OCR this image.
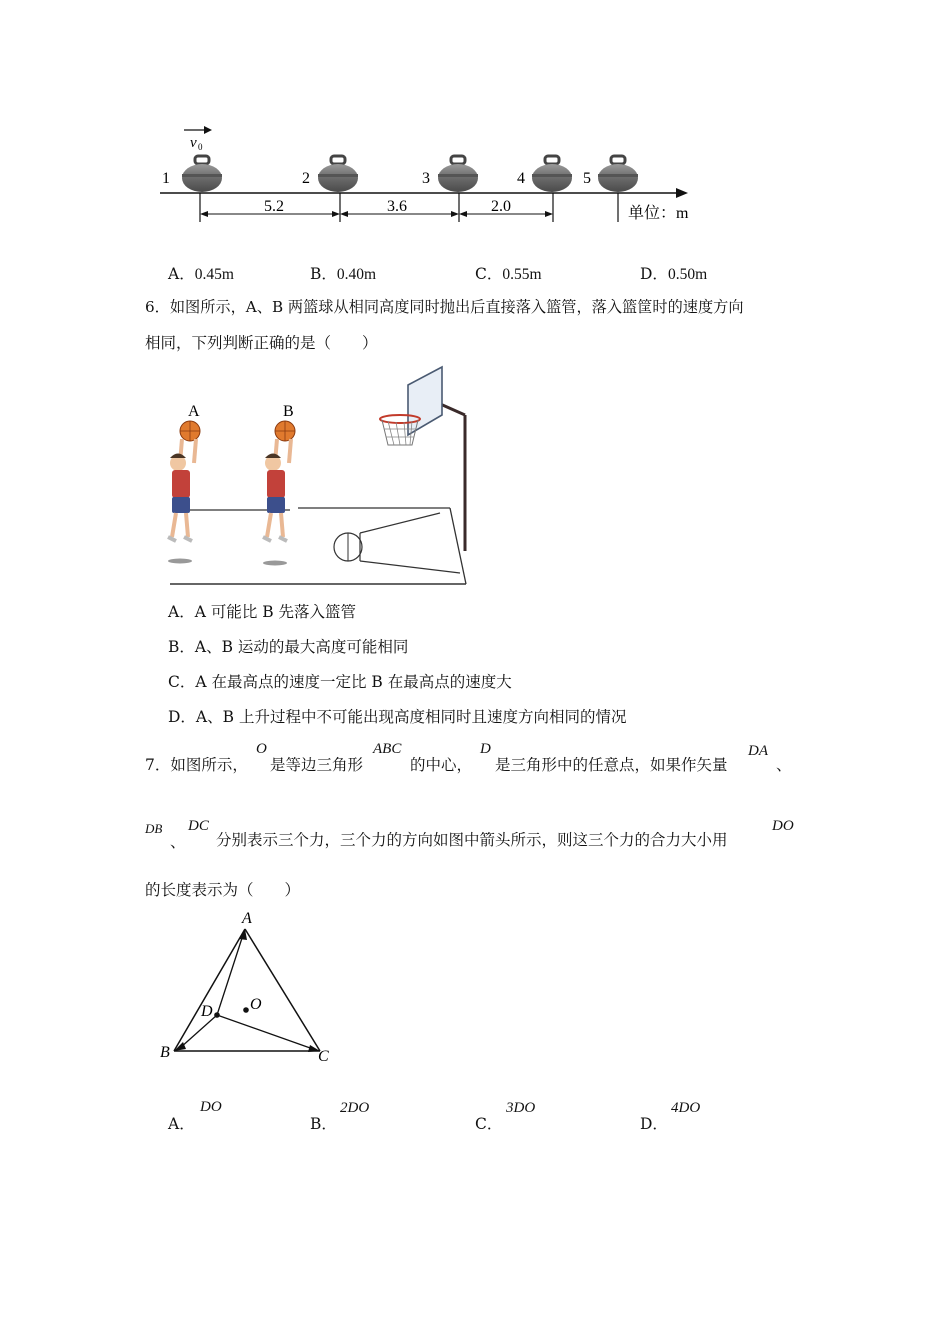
v 0
1	2	3	4	5
5.2	3.6	2.0	单位：m
A．0.45m	B．0.40m	C．0.55m	D．0.50m
6．如图所示，A、B 两篮球从相同高度同时抛出后直接落入篮管，落入篮筐时的速度方向
相同，下列判断正确的是（　　）
A	B
A．A 可能比 B 先落入篮管
B．A、B 运动的最大高度可能相同
C．A 在最高点的速度一定比 B 在最高点的速度大
D．A、B 上升过程中不可能出现高度相同时且速度方向相同的情况
7．如图所示，
O
是等边三角形
ABC
的中心，
D
是三角形中的任意点，如果作矢量
DA
、
DB
、
DC
分别表示三个力，三个力的方向如图中箭头所示，则这三个力的合力大小用
DO
的长度表示为（　　）
A
B	C
D O
A．
DO
B．
2DO
C．
3DO
D．
4DO
